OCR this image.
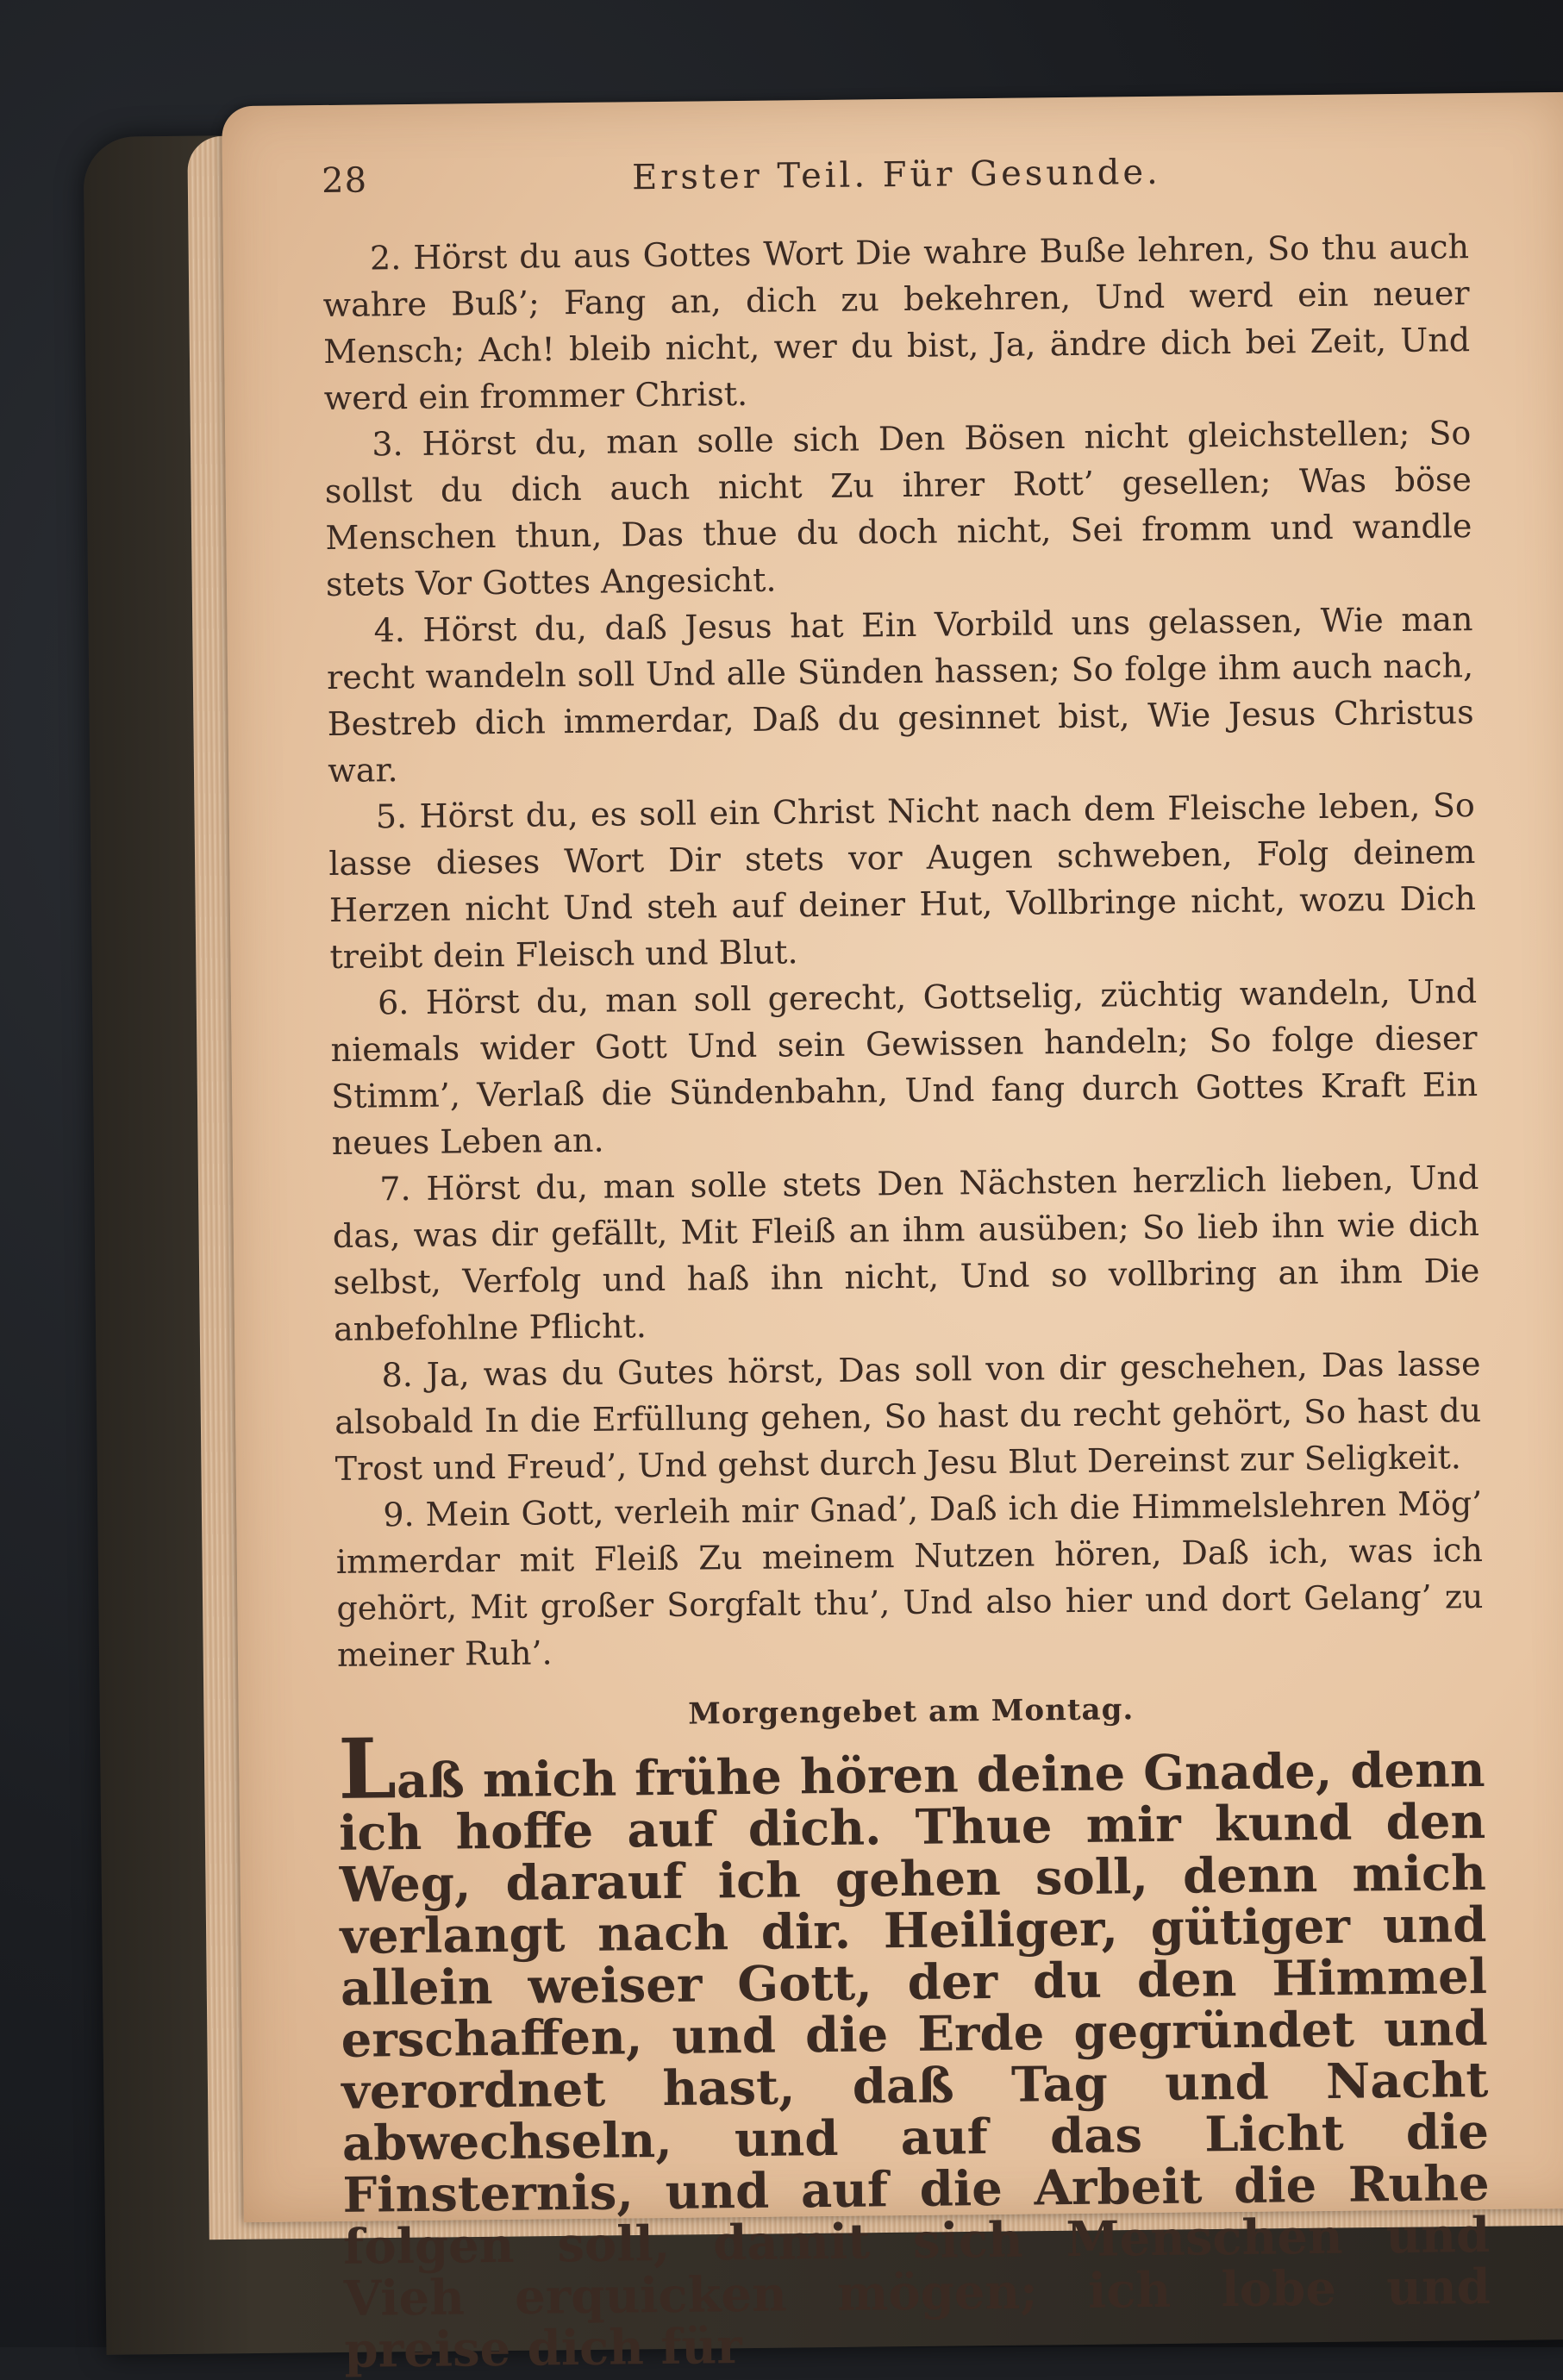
28	Erster Teil. Für Gesunde.

2. Hörst du aus Gottes Wort Die wahre Buße lehren, So thu auch wahre Buß’; Fang an, dich zu bekehren, Und werd ein neuer Mensch; Ach! bleib nicht, wer du bist, Ja, ändre dich bei Zeit, Und werd ein frommer Christ.

3. Hörst du, man solle sich Den Bösen nicht gleichstellen; So sollst du dich auch nicht Zu ihrer Rott’ gesellen; Was böse Menschen thun, Das thue du doch nicht, Sei fromm und wandle stets Vor Gottes Angesicht.

4. Hörst du, daß Jesus hat Ein Vorbild uns gelassen, Wie man recht wandeln soll Und alle Sünden hassen; So folge ihm auch nach, Bestreb dich immerdar, Daß du gesinnet bist, Wie Jesus Christus war.

5. Hörst du, es soll ein Christ Nicht nach dem Fleische leben, So lasse dieses Wort Dir stets vor Augen schweben, Folg deinem Herzen nicht Und steh auf deiner Hut, Vollbringe nicht, wozu Dich treibt dein Fleisch und Blut.

6. Hörst du, man soll gerecht, Gottselig, züchtig wandeln, Und niemals wider Gott Und sein Gewissen handeln; So folge dieser Stimm’, Verlaß die Sündenbahn, Und fang durch Gottes Kraft Ein neues Leben an.

7. Hörst du, man solle stets Den Nächsten herzlich lieben, Und das, was dir gefällt, Mit Fleiß an ihm ausüben; So lieb ihn wie dich selbst, Verfolg und haß ihn nicht, Und so vollbring an ihm Die anbefohlne Pflicht.

8. Ja, was du Gutes hörst, Das soll von dir geschehen, Das lasse alsobald In die Erfüllung gehen, So hast du recht gehört, So hast du Trost und Freud’, Und gehst durch Jesu Blut Dereinst zur Seligkeit.

9. Mein Gott, verleih mir Gnad’, Daß ich die Himmelslehren Mög’ immerdar mit Fleiß Zu meinem Nutzen hören, Daß ich, was ich gehört, Mit großer Sorgfalt thu’, Und also hier und dort Gelang’ zu meiner Ruh’.

Morgengebet am Montag.

Laß mich frühe hören deine Gnade, denn ich hoffe auf dich. Thue mir kund den Weg, darauf ich gehen soll, denn mich verlangt nach dir. Heiliger, gütiger und allein weiser Gott, der du den Himmel erschaffen, und die Erde gegründet und verordnet hast, daß Tag und Nacht abwechseln, und auf das Licht die Finsternis, und auf die Arbeit die Ruhe folgen soll, damit sich Menschen und Vieh erquicken mögen; ich lobe und preise dich für
